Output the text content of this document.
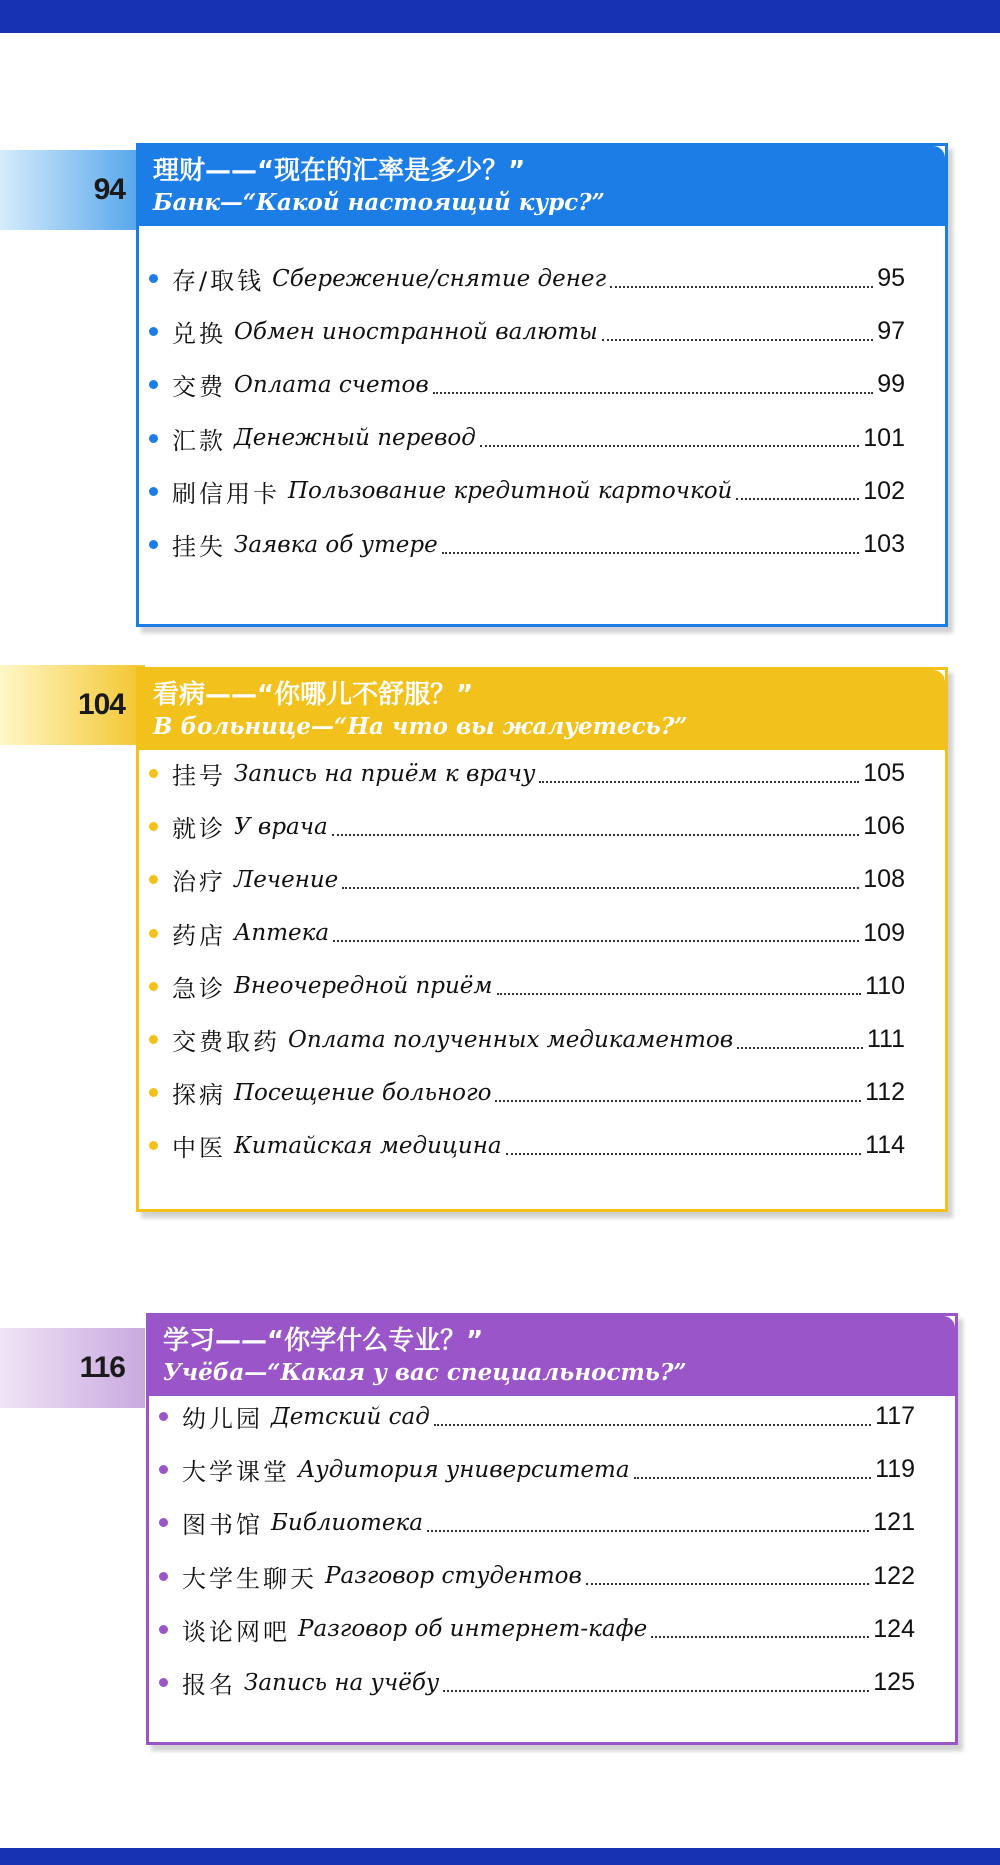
94
理财——“现在的汇率是多少？”
Банк—“Какой настоящий курс?”
存/取钱 Сбережение/снятие денег	95
兑换 Обмен иностранной валюты	97
交费 Оплата счетов	99
汇款 Денежный перевод	101
刷信用卡 Пользование кредитной карточкой	102
挂失 Заявка об утере	103
104	看病——“你哪儿不舒服？”
В больнице—“На что вы жалуетесь?”
挂号 Запись на приём к врачу	105
就诊 У врача	106
治疗 Лечение	108
药店 Аптека	109
急诊 Внеочередной приём	110
交费取药 Оплата полученных медикаментов	111
探病 Посещение больного	112
中医 Китайская медицина	114
116
学习——“你学什么专业？”
Учёба—“Какая у вас специальность?”
幼儿园 Детский сад	117
大学课堂 Аудитория университета	119
图书馆 Библиотека	121
大学生聊天 Разговор студентов	122
谈论网吧 Разговор об интернет-кафе	124
报名 Запись на учёбу	125
